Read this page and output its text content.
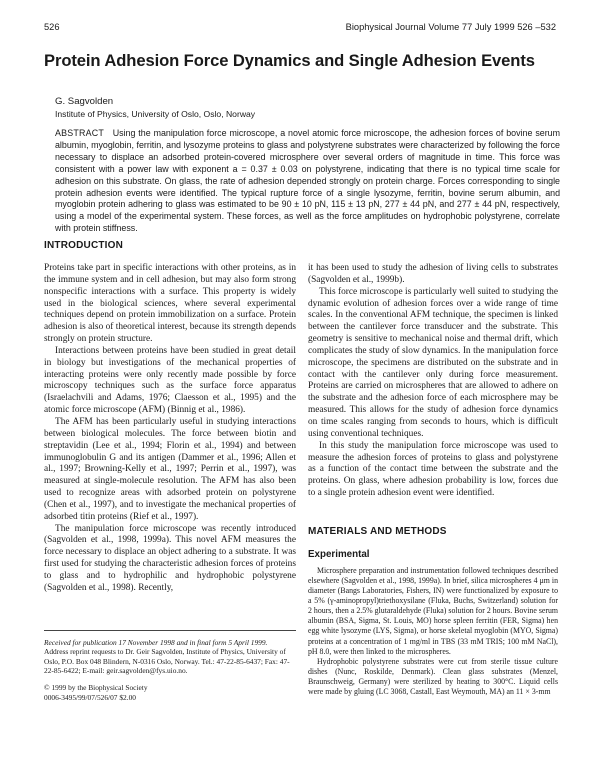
526	Biophysical Journal Volume 77 July 1999 526 –532
Protein Adhesion Force Dynamics and Single Adhesion Events
G. Sagvolden
Institute of Physics, University of Oslo, Oslo, Norway

ABSTRACT Using the manipulation force microscope, a novel atomic force microscope, the adhesion forces of bovine serum albumin, myoglobin, ferritin, and lysozyme proteins to glass and polystyrene substrates were characterized by following the force necessary to displace an adsorbed protein-covered microsphere over several orders of magnitude in time. This force was consistent with a power law with exponent a = 0.37 ± 0.03 on polystyrene, indicating that there is no typical time scale for adhesion on this substrate. On glass, the rate of adhesion depended strongly on protein charge. Forces corresponding to single protein adhesion events were identified. The typical rupture force of a single lysozyme, ferritin, bovine serum albumin, and myoglobin protein adhering to glass was estimated to be 90 ± 10 pN, 115 ± 13 pN, 277 ± 44 pN, and 277 ± 44 pN, respectively, using a model of the experimental system. These forces, as well as the force amplitudes on hydrophobic polystyrene, correlate with protein stiffness.

INTRODUCTION

Proteins take part in specific interactions with other proteins, as in the immune system and in cell adhesion, but may also form strong nonspecific interactions with a surface. This property is widely used in the biological sciences, where several experimental techniques depend on protein immobilization on a surface. Protein adhesion is also of theoretical interest, because its strength depends strongly on protein structure.

Interactions between proteins have been studied in great detail in biology but investigations of the mechanical properties of interacting proteins were only recently made possible by force microscopy techniques such as the surface force apparatus (Israelachvili and Adams, 1976; Claesson et al., 1995) and the atomic force microscope (AFM) (Binnig et al., 1986).

The AFM has been particularly useful in studying interactions between biological molecules. The force between biotin and streptavidin (Lee et al., 1994; Florin et al., 1994) and between immunoglobulin G and its antigen (Dammer et al., 1996; Allen et al., 1997; Browning-Kelly et al., 1997; Perrin et al., 1997), was measured at single-molecule resolution. The AFM has also been used to recognize areas with adsorbed protein on polystyrene (Chen et al., 1997), and to investigate the mechanical properties of adsorbed titin proteins (Rief et al., 1997).

The manipulation force microscope was recently introduced (Sagvolden et al., 1998, 1999a). This novel AFM measures the force necessary to displace an object adhering to a substrate. It was first used for studying the characteristic adhesion forces of proteins to glass and to hydrophilic and hydrophobic polystyrene (Sagvolden et al., 1998). Recently,

Received for publication 17 November 1998 and in final form 5 April 1999.

Address reprint requests to Dr. Geir Sagvolden, Institute of Physics, University of Oslo, P.O. Box 048 Blindern, N-0316 Oslo, Norway. Tel.: 47-22-85-6437; Fax: 47-22-85-6422; E-mail: geir.sagvolden@fys.uio.no.

© 1999 by the Biophysical Society

0006-3495/99/07/526/07 $2.00

it has been used to study the adhesion of living cells to substrates (Sagvolden et al., 1999b).

This force microscope is particularly well suited to studying the dynamic evolution of adhesion forces over a wide range of time scales. In the conventional AFM technique, the specimen is linked between the cantilever force transducer and the substrate. This geometry is sensitive to mechanical noise and thermal drift, which complicates the study of slow dynamics. In the manipulation force microscope, the specimens are distributed on the substrate and in contact with the cantilever only during force measurement. Proteins are carried on microspheres that are allowed to adhere on the substrate and the adhesion force of each microsphere may be measured. This allows for the study of adhesion force dynamics on time scales ranging from seconds to hours, which is difficult using conventional techniques.

In this study the manipulation force microscope was used to measure the adhesion forces of proteins to glass and polystyrene as a function of the contact time between the substrate and the proteins. On glass, where adhesion probability is low, forces due to a single protein adhesion event were identified.

MATERIALS AND METHODS
Experimental

Microsphere preparation and instrumentation followed techniques described elsewhere (Sagvolden et al., 1998, 1999a). In brief, silica microspheres 4 μm in diameter (Bangs Laboratories, Fishers, IN) were functionalized by exposure to a 5% (γ-aminopropyl)triethoxysilane (Fluka, Buchs, Switzerland) solution for 2 hours, then a 2.5% glutaraldehyde (Fluka) solution for 2 hours. Bovine serum albumin (BSA, Sigma, St. Louis, MO) horse spleen ferritin (FER, Sigma) hen egg white lysozyme (LYS, Sigma), or horse skeletal myoglobin (MYO, Sigma) proteins at a concentration of 1 mg/ml in TBS (33 mM TRIS; 100 mM NaCl), pH 8.0, were then linked to the microspheres.

Hydrophobic polystyrene substrates were cut from sterile tissue culture dishes (Nunc, Roskilde, Denmark). Clean glass substrates (Menzel, Braunschweig, Germany) were sterilized by heating to 300°C. Liquid cells were made by gluing (LC 3068, Castall, East Weymouth, MA) an 11 × 3-mm
